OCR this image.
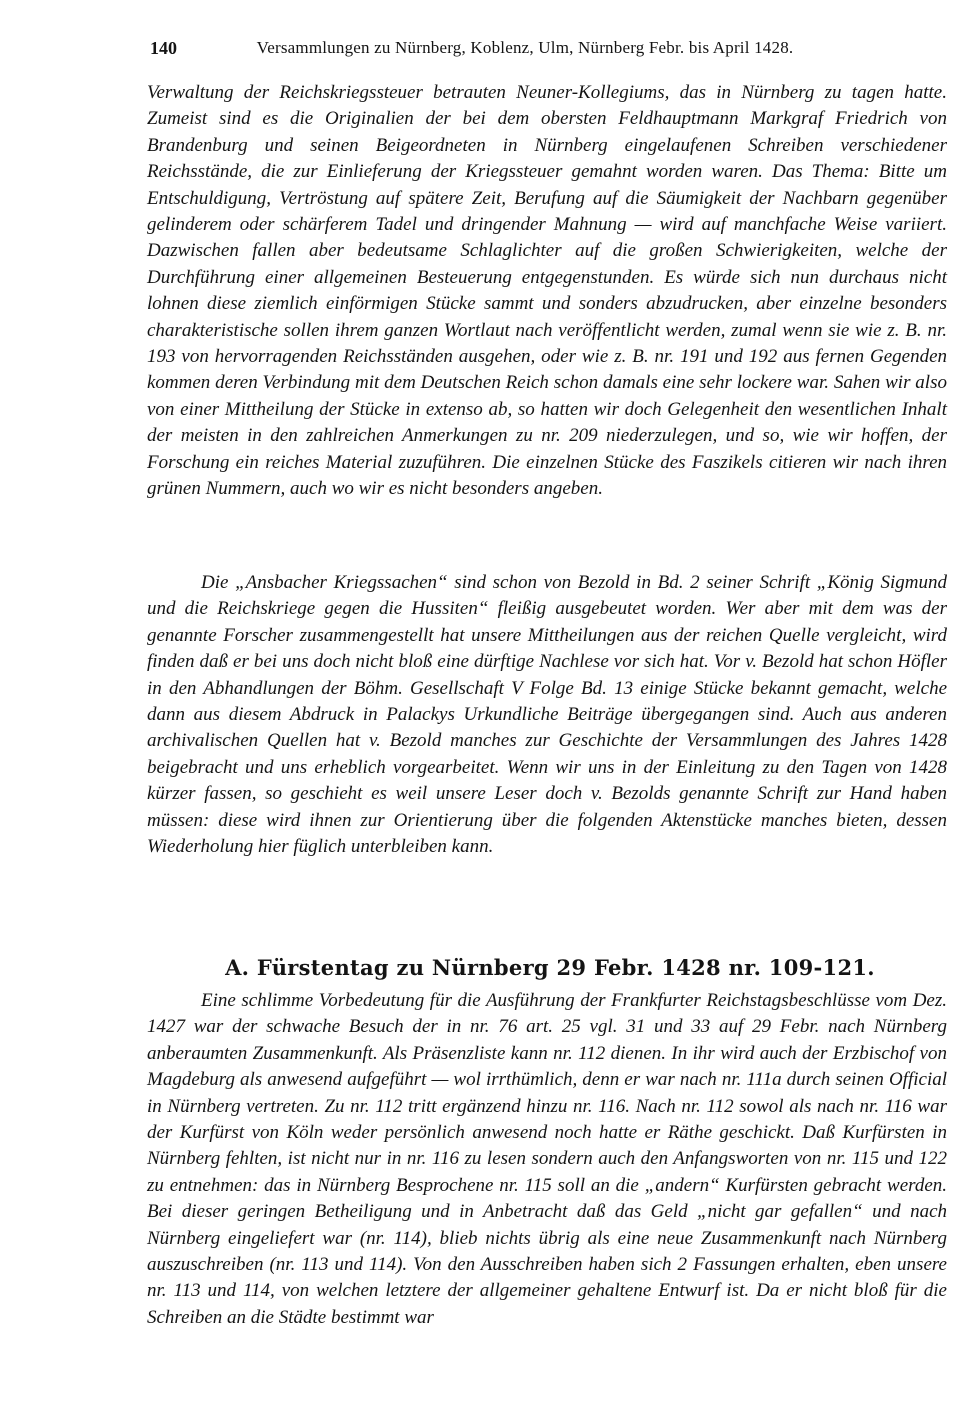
140	Versammlungen zu Nürnberg, Koblenz, Ulm, Nürnberg Febr. bis April 1428.

Verwaltung der Reichskriegssteuer betrauten Neuner-Kollegiums, das in Nürnberg zu tagen hatte. Zumeist sind es die Originalien der bei dem obersten Feldhauptmann Markgraf Friedrich von Brandenburg und seinen Beigeordneten in Nürnberg eingelaufenen Schreiben verschiedener Reichsstände, die zur Einlieferung der Kriegssteuer gemahnt worden waren. Das Thema: Bitte um Entschuldigung, Vertröstung auf spätere Zeit, Berufung auf die Säumigkeit der Nachbarn gegenüber gelinderem oder schärferem Tadel und dringender Mahnung — wird auf manchfache Weise variiert. Dazwischen fallen aber bedeutsame Schlaglichter auf die großen Schwierigkeiten, welche der Durchführung einer allgemeinen Besteuerung entgegenstunden. Es würde sich nun durchaus nicht lohnen diese ziemlich einförmigen Stücke sammt und sonders abzudrucken, aber einzelne besonders charakteristische sollen ihrem ganzen Wortlaut nach veröffentlicht werden, zumal wenn sie wie z. B. nr. 193 von hervorragenden Reichsständen ausgehen, oder wie z. B. nr. 191 und 192 aus fernen Gegenden kommen deren Verbindung mit dem Deutschen Reich schon damals eine sehr lockere war. Sahen wir also von einer Mittheilung der Stücke in extenso ab, so hatten wir doch Gelegenheit den wesentlichen Inhalt der meisten in den zahlreichen Anmerkungen zu nr. 209 niederzulegen, und so, wie wir hoffen, der Forschung ein reiches Material zuzuführen. Die einzelnen Stücke des Faszikels citieren wir nach ihren grünen Nummern, auch wo wir es nicht besonders angeben.

Die „Ansbacher Kriegssachen“ sind schon von Bezold in Bd. 2 seiner Schrift „König Sigmund und die Reichskriege gegen die Hussiten“ fleißig ausgebeutet worden. Wer aber mit dem was der genannte Forscher zusammengestellt hat unsere Mittheilungen aus der reichen Quelle vergleicht, wird finden daß er bei uns doch nicht bloß eine dürftige Nachlese vor sich hat. Vor v. Bezold hat schon Höfler in den Abhandlungen der Böhm. Gesellschaft V Folge Bd. 13 einige Stücke bekannt gemacht, welche dann aus diesem Abdruck in Palackys Urkundliche Beiträge übergegangen sind. Auch aus anderen archivalischen Quellen hat v. Bezold manches zur Geschichte der Versammlungen des Jahres 1428 beigebracht und uns erheblich vorgearbeitet. Wenn wir uns in der Einleitung zu den Tagen von 1428 kürzer fassen, so geschieht es weil unsere Leser doch v. Bezolds genannte Schrift zur Hand haben müssen: diese wird ihnen zur Orientierung über die folgenden Aktenstücke manches bieten, dessen Wiederholung hier füglich unterbleiben kann.

A. Fürstentag zu Nürnberg 29 Febr. 1428 nr. 109-121.

Eine schlimme Vorbedeutung für die Ausführung der Frankfurter Reichstagsbeschlüsse vom Dez. 1427 war der schwache Besuch der in nr. 76 art. 25 vgl. 31 und 33 auf 29 Febr. nach Nürnberg anberaumten Zusammenkunft. Als Präsenzliste kann nr. 112 dienen. In ihr wird auch der Erzbischof von Magdeburg als anwesend aufgeführt — wol irrthümlich, denn er war nach nr. 111a durch seinen Official in Nürnberg vertreten. Zu nr. 112 tritt ergänzend hinzu nr. 116. Nach nr. 112 sowol als nach nr. 116 war der Kurfürst von Köln weder persönlich anwesend noch hatte er Räthe geschickt. Daß Kurfürsten in Nürnberg fehlten, ist nicht nur in nr. 116 zu lesen sondern auch den Anfangsworten von nr. 115 und 122 zu entnehmen: das in Nürnberg Besprochene nr. 115 soll an die „andern“ Kurfürsten gebracht werden. Bei dieser geringen Betheiligung und in Anbetracht daß das Geld „nicht gar gefallen“ und nach Nürnberg eingeliefert war (nr. 114), blieb nichts übrig als eine neue Zusammenkunft nach Nürnberg auszuschreiben (nr. 113 und 114). Von den Ausschreiben haben sich 2 Fassungen erhalten, eben unsere nr. 113 und 114, von welchen letztere der allgemeiner gehaltene Entwurf ist. Da er nicht bloß für die Schreiben an die Städte bestimmt war
